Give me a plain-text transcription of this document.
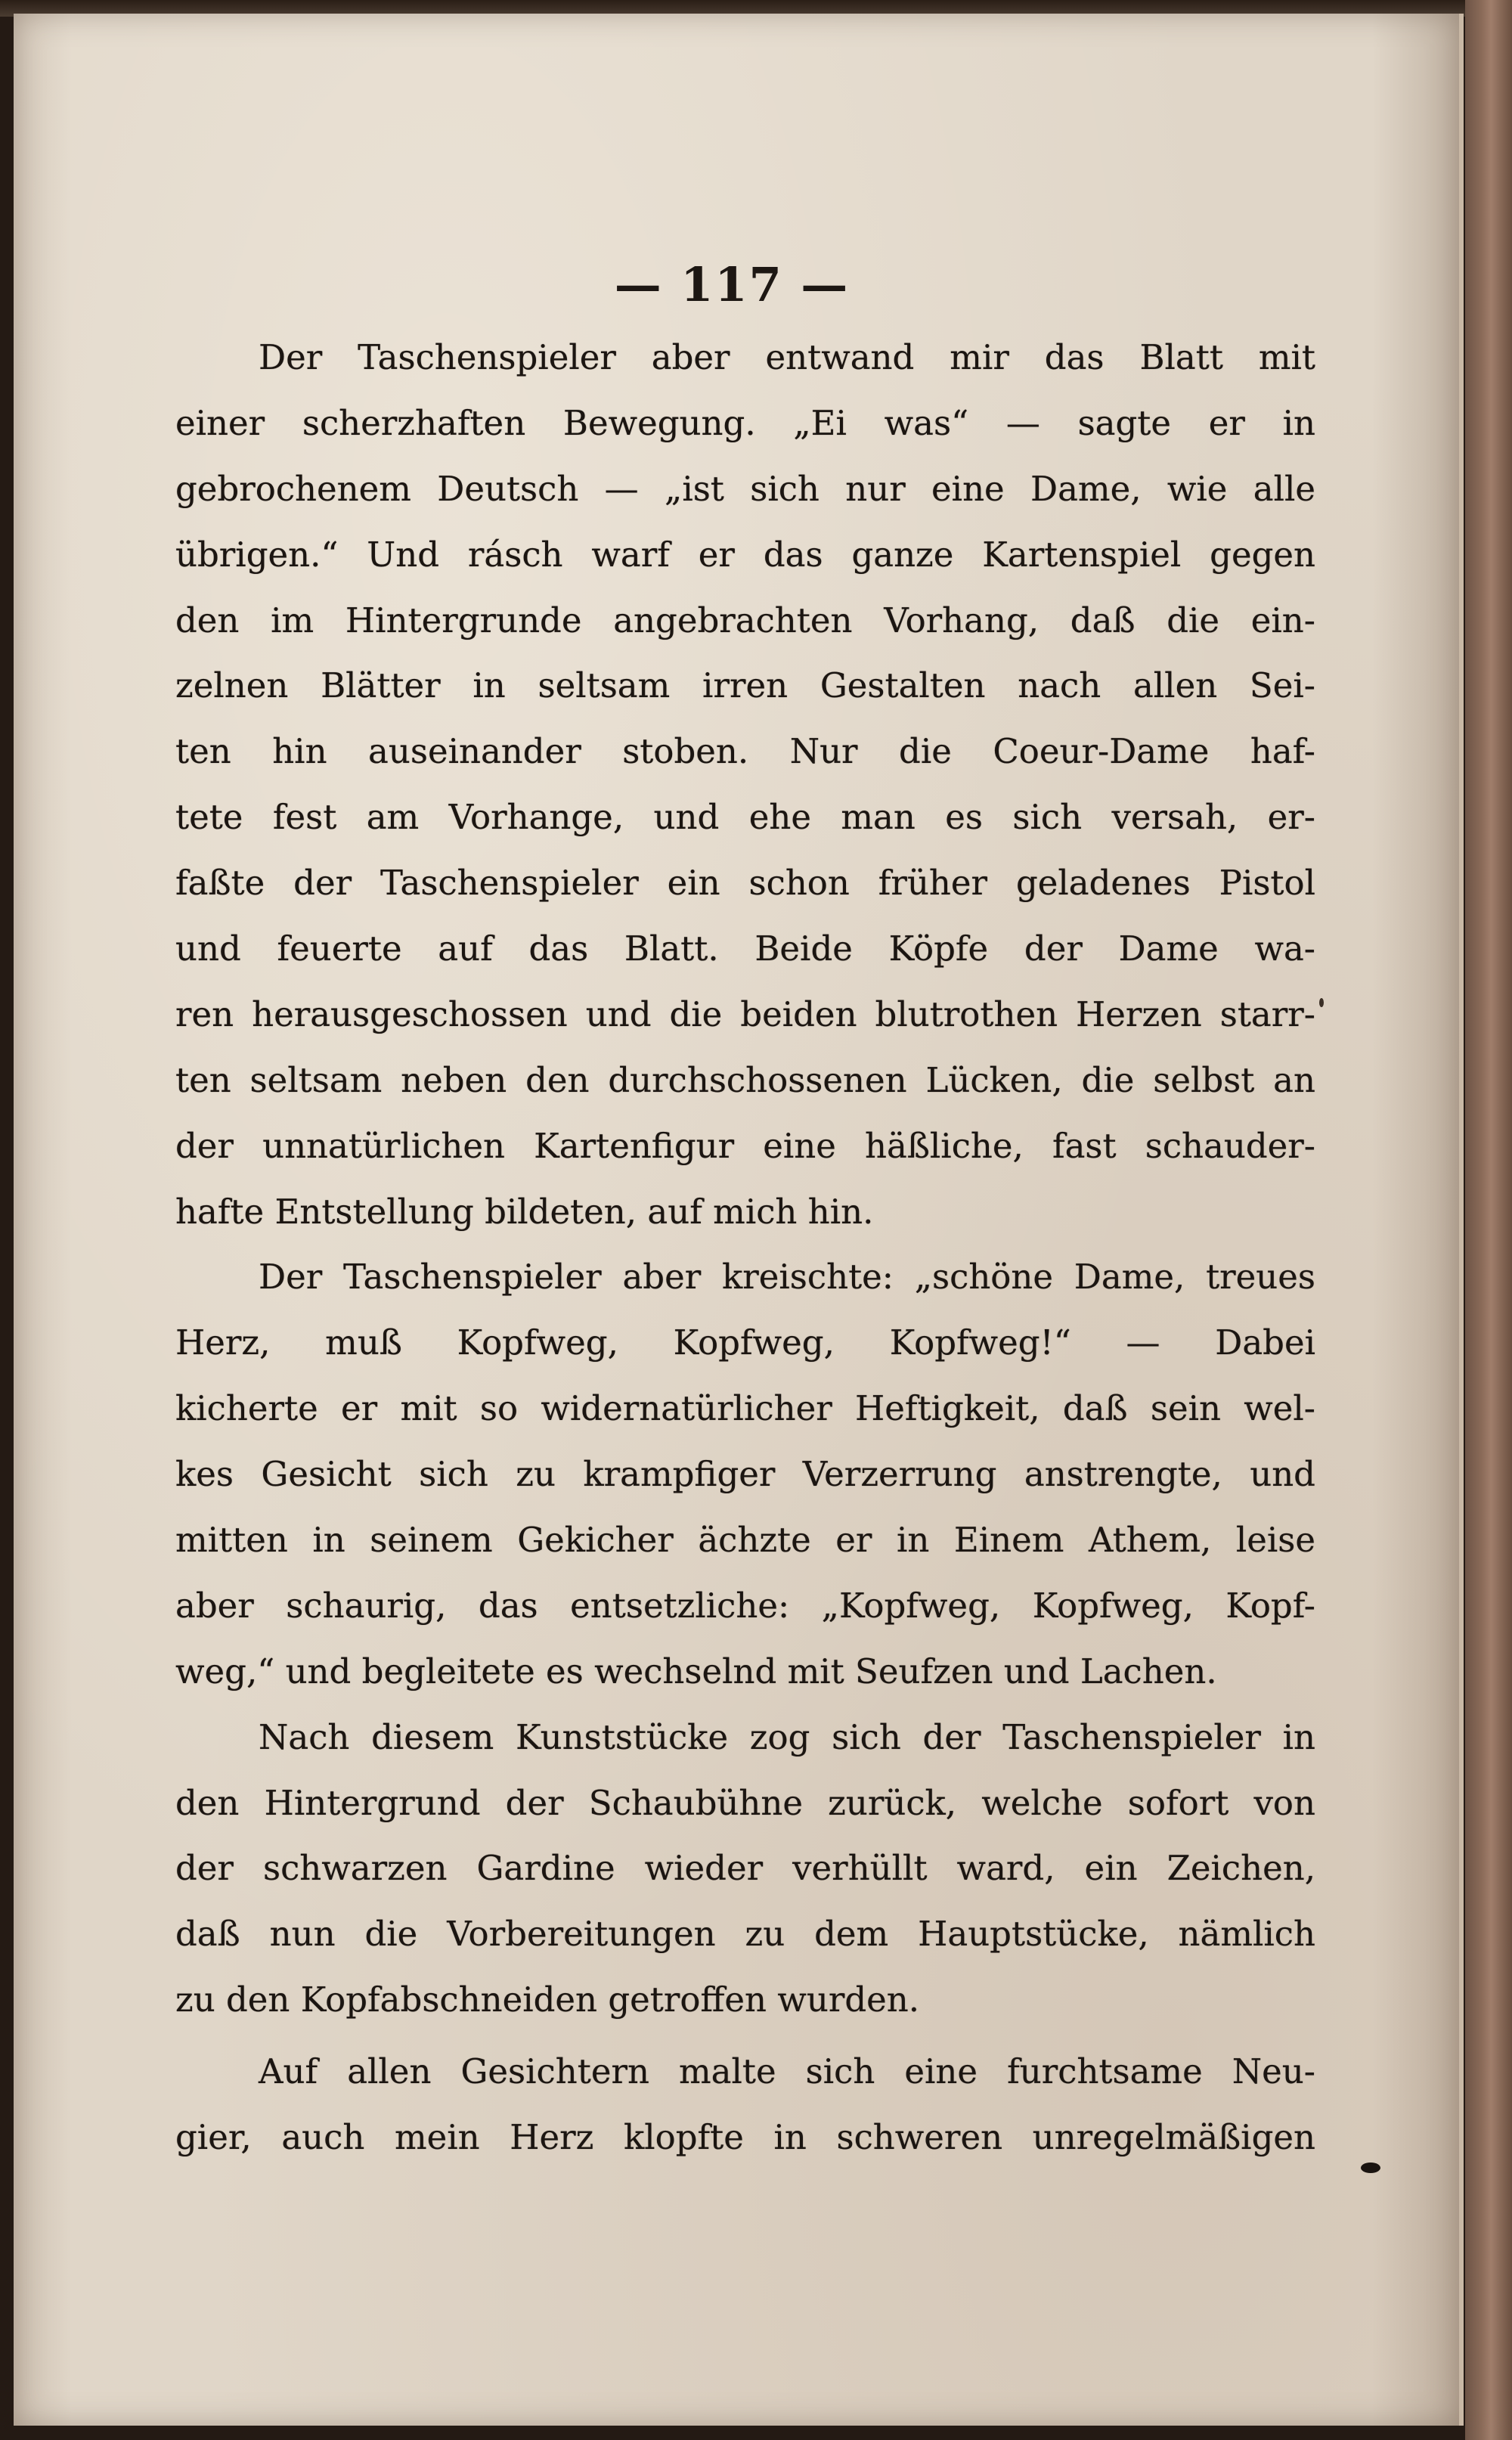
— 117 —
Der Taschenspieler aber entwand mir das Blatt mit
einer scherzhaften Bewegung. „Ei was“ — sagte er in
gebrochenem Deutsch — „ist sich nur eine Dame, wie alle
übrigen.“ Und rásch warf er das ganze Kartenspiel gegen
den im Hintergrunde angebrachten Vorhang, daß die ein-
zelnen Blätter in seltsam irren Gestalten nach allen Sei-
ten hin auseinander stoben. Nur die Coeur-Dame haf-
tete fest am Vorhange, und ehe man es sich versah, er-
faßte der Taschenspieler ein schon früher geladenes Pistol
und feuerte auf das Blatt. Beide Köpfe der Dame wa-
ren herausgeschossen und die beiden blutrothen Herzen starr-
ten seltsam neben den durchschossenen Lücken, die selbst an
der unnatürlichen Kartenfigur eine häßliche, fast schauder-
hafte Entstellung bildeten, auf mich hin.
Der Taschenspieler aber kreischte: „schöne Dame, treues
Herz, muß Kopfweg, Kopfweg, Kopfweg!“ — Dabei
kicherte er mit so widernatürlicher Heftigkeit, daß sein wel-
kes Gesicht sich zu krampfiger Verzerrung anstrengte, und
mitten in seinem Gekicher ächzte er in Einem Athem, leise
aber schaurig, das entsetzliche: „Kopfweg, Kopfweg, Kopf-
weg,“ und begleitete es wechselnd mit Seufzen und Lachen.
Nach diesem Kunststücke zog sich der Taschenspieler in
den Hintergrund der Schaubühne zurück, welche sofort von
der schwarzen Gardine wieder verhüllt ward, ein Zeichen,
daß nun die Vorbereitungen zu dem Hauptstücke, nämlich
zu den Kopfabschneiden getroffen wurden.
Auf allen Gesichtern malte sich eine furchtsame Neu-
gier, auch mein Herz klopfte in schweren unregelmäßigen
